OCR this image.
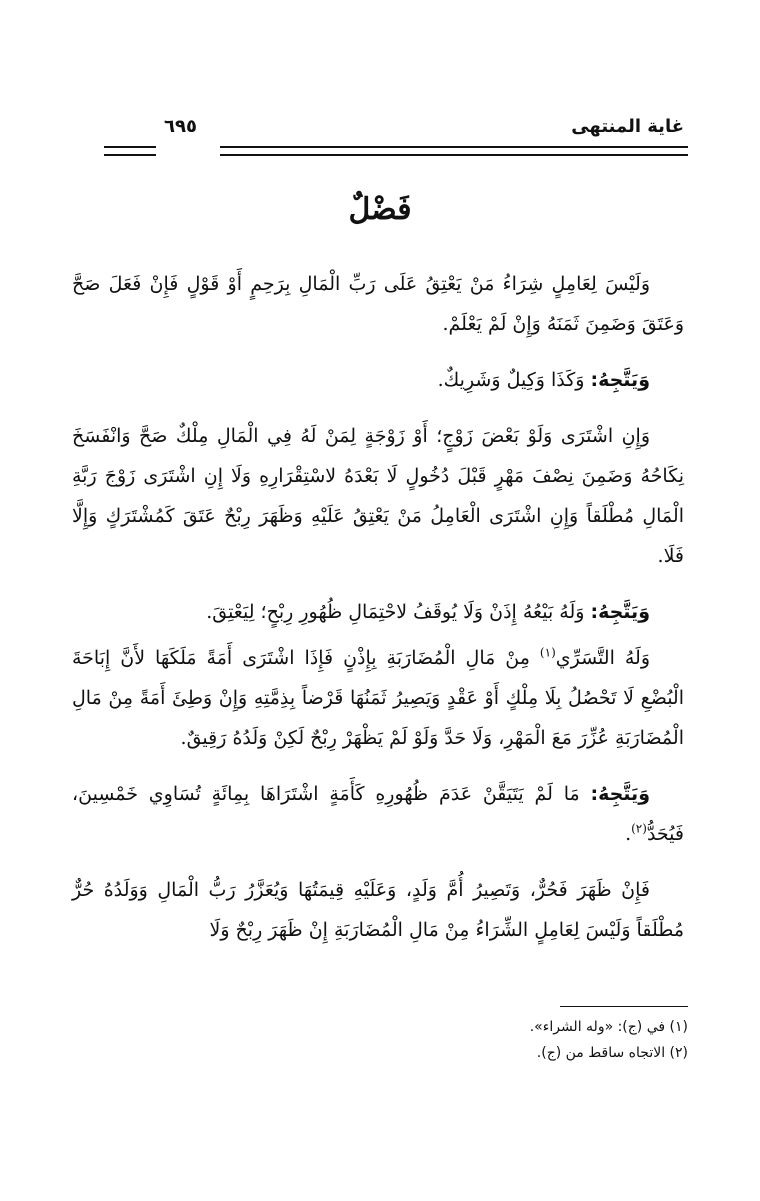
غاية المنتهى
٦٩٥
فَضْلٌ

وَلَيْسَ لِعَامِلٍ شِرَاءُ مَنْ يَعْتِقُ عَلَى رَبِّ الْمَالِ بِرَحِمٍ أَوْ قَوْلٍ فَإِنْ فَعَلَ صَحَّ وَعَتَقَ وَضَمِنَ ثَمَنَهُ وَإِنْ لَمْ يَعْلَمْ.

وَيَتَّجِهُ: وَكَذَا وَكِيلٌ وَشَرِيكٌ.

وَإِنِ اشْتَرَى وَلَوْ بَعْضَ زَوْجٍ؛ أَوْ زَوْجَةٍ لِمَنْ لَهُ فِي الْمَالِ مِلْكٌ صَحَّ وَانْفَسَخَ نِكَاحُهُ وَضَمِنَ نِصْفَ مَهْرٍ قَبْلَ دُخُولٍ لَا بَعْدَهُ لاسْتِقْرَارِهِ وَلَا إِنِ اشْتَرَى زَوْجَ رَبَّةِ الْمَالِ مُطْلَقاً وَإِنِ اشْتَرَى الْعَامِلُ مَنْ يَعْتِقُ عَلَيْهِ وَظَهَرَ رِبْحٌ عَتَقَ كَمُشْتَرَكٍ وَإِلَّا فَلَا.

وَيَتَّجِهُ: وَلَهُ بَيْعُهُ إِذَنْ وَلَا يُوقَفُ لاحْتِمَالِ ظُهُورِ رِبْحٍ؛ لِيَعْتِقَ.

وَلَهُ التَّسَرِّي$^{(١)}$ مِنْ مَالِ الْمُضَارَبَةِ بِإِذْنٍ فَإِذَا اشْتَرَى أَمَةً مَلَكَهَا لأَنَّ إِبَاحَةَ الْبُضْعِ لَا تَحْصُلُ بِلَا مِلْكٍ أَوْ عَقْدٍ وَيَصِيرُ ثَمَنُهَا قَرْضاً بِذِمَّتِهِ وَإِنْ وَطِئَ أَمَةً مِنْ مَالِ الْمُضَارَبَةِ عُزِّرَ مَعَ الْمَهْرِ، وَلَا حَدَّ وَلَوْ لَمْ يَظْهَرْ رِبْحٌ لَكِنْ وَلَدُهُ رَقِيقٌ.

وَيَتَّجِهُ: مَا لَمْ يَتَيَقَّنْ عَدَمَ ظُهُورِهِ كَأَمَةٍ اشْتَرَاهَا بِمِائَةٍ تُسَاوِي خَمْسِينَ، فَيُحَدُّ$^{(٢)}$.

فَإِنْ ظَهَرَ فَحُرٌّ، وَتَصِيرُ أُمَّ وَلَدٍ، وَعَلَيْهِ قِيمَتُهَا وَيُعَزَّرُ رَبُّ الْمَالِ وَوَلَدُهُ حُرٌّ مُطْلَقاً وَلَيْسَ لِعَامِلٍ الشِّرَاءُ مِنْ مَالِ الْمُضَارَبَةِ إِنْ ظَهَرَ رِبْحٌ وَلَا

(١) في (ج): «وله الشراء».

(٢) الاتجاه ساقط من (ج).
